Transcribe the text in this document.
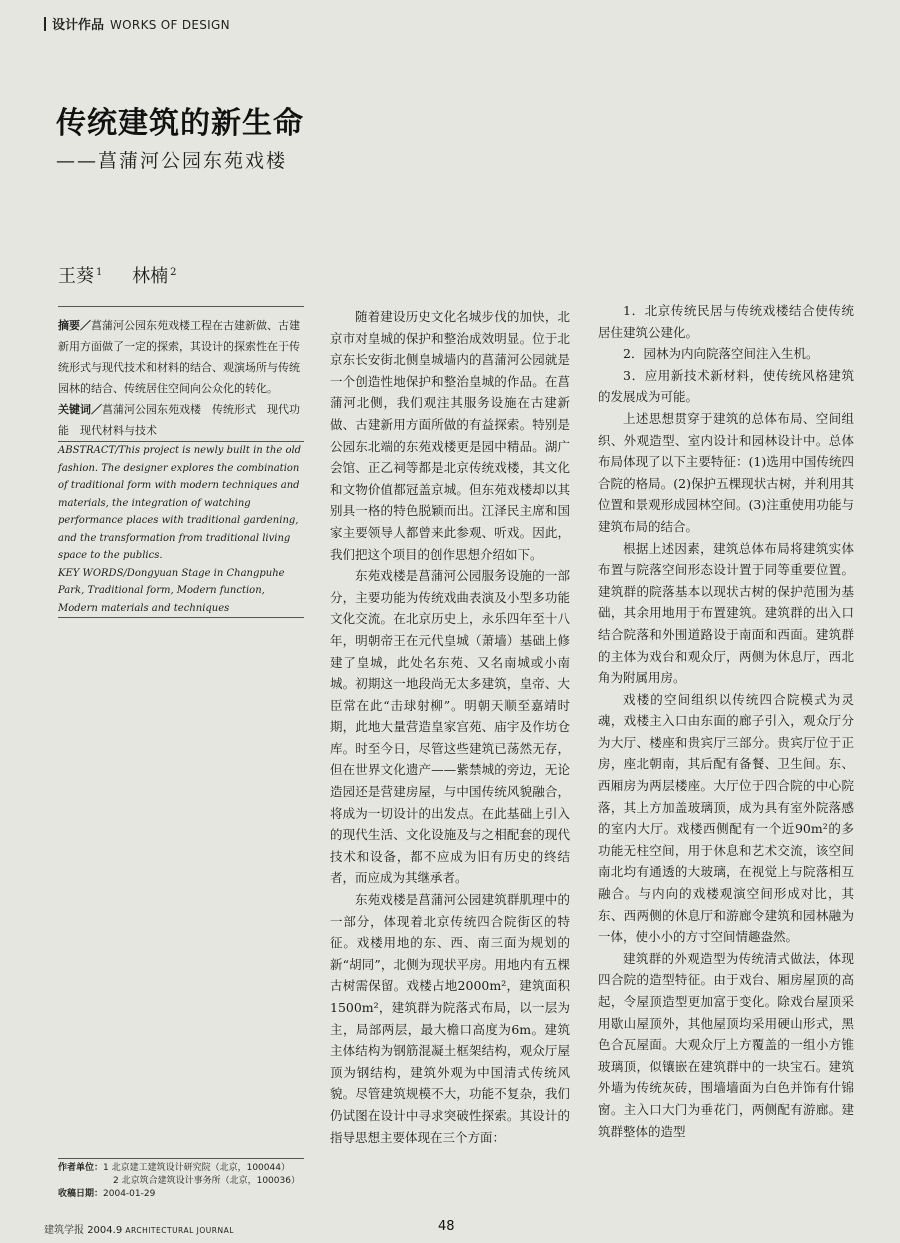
设计作品 WORKS OF DESIGN
传统建筑的新生命
——菖蒲河公园东苑戏楼
王葵 $^1$ 林楠 $^2$

摘要／菖蒲河公园东苑戏楼工程在古建新做、古建新用方面做了一定的探索，其设计的探索性在于传统形式与现代技术和材料的结合、观演场所与传统园林的结合、传统居住空间向公众化的转化。

关键词／菖蒲河公园东苑戏楼　传统形式　现代功能　现代材料与技术

ABSTRACT/This project is newly built in the old fashion. The designer explores the combination of traditional form with modern techniques and materials, the integration of watching performance places with traditional gardening, and the transformation from traditional living space to the publics.

KEY WORDS/Dongyuan Stage in Changpuhe Park, Traditional form, Modern function, Modern materials and techniques

随着建设历史文化名城步伐的加快，北京市对皇城的保护和整治成效明显。位于北京东长安街北侧皇城墙内的菖蒲河公园就是一个创造性地保护和整治皇城的作品。在菖蒲河北侧，我们观注其服务设施在古建新做、古建新用方面所做的有益探索。特别是公园东北端的东苑戏楼更是园中精品。湖广会馆、正乙祠等都是北京传统戏楼，其文化和文物价值都冠盖京城。但东苑戏楼却以其别具一格的特色脱颖而出。江泽民主席和国家主要领导人都曾来此参观、听戏。因此，我们把这个项目的创作思想介绍如下。

东苑戏楼是菖蒲河公园服务设施的一部分，主要功能为传统戏曲表演及小型多功能文化交流。在北京历史上，永乐四年至十八年，明朝帝王在元代皇城（萧墙）基础上修建了皇城，此处名东苑、又名南城或小南城。初期这一地段尚无太多建筑，皇帝、大臣常在此“击球射柳”。明朝天顺至嘉靖时期，此地大量营造皇家宫苑、庙宇及作坊仓库。时至今日，尽管这些建筑已荡然无存，但在世界文化遗产——紫禁城的旁边，无论造园还是营建房屋，与中国传统风貌融合，将成为一切设计的出发点。在此基础上引入的现代生活、文化设施及与之相配套的现代技术和设备，都不应成为旧有历史的终结者，而应成为其继承者。

东苑戏楼是菖蒲河公园建筑群肌理中的一部分，体现着北京传统四合院街区的特征。戏楼用地的东、西、南三面为规划的新“胡同”，北侧为现状平房。用地内有五棵古树需保留。戏楼占地2000m²，建筑面积1500m²，建筑群为院落式布局，以一层为主，局部两层，最大檐口高度为6m。建筑主体结构为钢筋混凝土框架结构，观众厅屋顶为钢结构，建筑外观为中国清式传统风貌。尽管建筑规模不大，功能不复杂，我们仍试图在设计中寻求突破性探索。其设计的指导思想主要体现在三个方面：

1．北京传统民居与传统戏楼结合使传统居住建筑公建化。

2．园林为内向院落空间注入生机。

3．应用新技术新材料，使传统风格建筑的发展成为可能。

上述思想贯穿于建筑的总体布局、空间组织、外观造型、室内设计和园林设计中。总体布局体现了以下主要特征：(1)选用中国传统四合院的格局。(2)保护五棵现状古树，并利用其位置和景观形成园林空间。(3)注重使用功能与建筑布局的结合。

根据上述因素，建筑总体布局将建筑实体布置与院落空间形态设计置于同等重要位置。建筑群的院落基本以现状古树的保护范围为基础，其余用地用于布置建筑。建筑群的出入口结合院落和外围道路设于南面和西面。建筑群的主体为戏台和观众厅，两侧为休息厅，西北角为附属用房。

戏楼的空间组织以传统四合院模式为灵魂，戏楼主入口由东面的廊子引入，观众厅分为大厅、楼座和贵宾厅三部分。贵宾厅位于正房，座北朝南，其后配有备餐、卫生间。东、西厢房为两层楼座。大厅位于四合院的中心院落，其上方加盖玻璃顶，成为具有室外院落感的室内大厅。戏楼西侧配有一个近90m²的多功能无柱空间，用于休息和艺术交流，该空间南北均有通透的大玻璃，在视觉上与院落相互融合。与内向的戏楼观演空间形成对比，其东、西两侧的休息厅和游廊令建筑和园林融为一体，使小小的方寸空间情趣盎然。

建筑群的外观造型为传统清式做法，体现四合院的造型特征。由于戏台、厢房屋顶的高起，令屋顶造型更加富于变化。除戏台屋顶采用歇山屋顶外，其他屋顶均采用硬山形式，黑色合瓦屋面。大观众厅上方覆盖的一组小方锥玻璃顶，似镶嵌在建筑群中的一块宝石。建筑外墙为传统灰砖，围墙墙面为白色并饰有什锦窗。主入口大门为垂花门，两侧配有游廊。建筑群整体的造型

作者单位：1 北京建工建筑设计研究院（北京，100044）
2 北京筑合建筑设计事务所（北京，100036）
收稿日期：2004-01-29
建筑学报 2004.9 ARCHITECTURAL JOURNAL	48
